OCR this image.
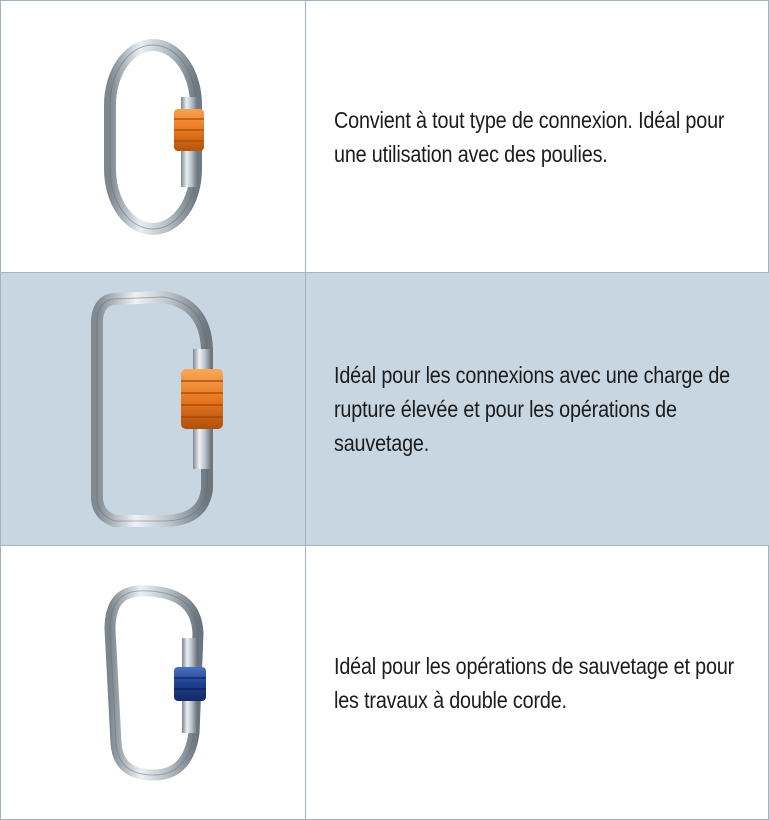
Convient à tout type de connexion. Idéal pour une utilisation avec des poulies.
Idéal pour les connexions avec une charge de rupture élevée et pour les opérations de sauvetage.
Idéal pour les opérations de sauvetage et pour les travaux à double corde.
